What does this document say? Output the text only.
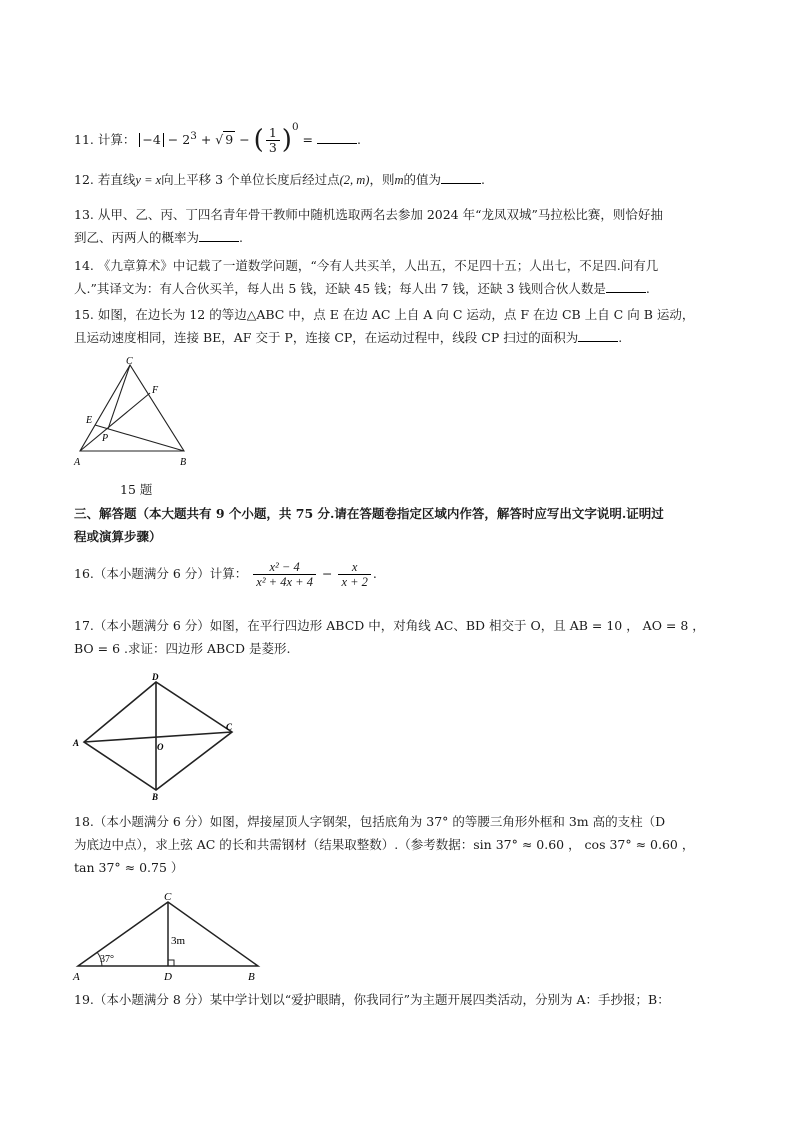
11. 计算： $-4 - 2^3$ + √ 9 − ( $\frac{1}{3} )^0$ =	.
12. 若直线y = x向上平移 3 个单位长度后经过点(2, m)，则m的值为	.
13. 从甲、乙、丙、丁四名青年骨干教师中随机选取两名去参加 2024 年“龙凤双城”马拉松比赛，则恰好抽
到乙、丙两人的概率为	.
14. 《九章算术》中记载了一道数学问题，“今有人共买羊，人出五，不足四十五；人出七，不足四.问有几
人.”其译文为：有人合伙买羊，每人出 5 钱，还缺 45 钱；每人出 7 钱，还缺 3 钱则合伙人数是	.
15. 如图，在边长为 12 的等边△ABC 中，点 E 在边 AC 上自 A 向 C 运动，点 F 在边 CB 上自 C 向 B 运动，
且运动速度相同，连接 BE，AF 交于 P，连接 CP，在运动过程中，线段 CP 扫过的面积为	.
C
F
E
P
A	B
15 题
三、解答题（本大题共有 9 个小题，共 75 分.请在答题卷指定区域内作答，解答时应写出文字说明.证明过
程或演算步骤）
16.（本小题满分 6 分）计算： $\frac{\text{x² − 4}}{\text{x² + 4x + 4}} - \frac{x}{x + 2}$ .
17.（本小题满分 6 分）如图，在平行四边形 ABCD 中，对角线 AC、BD 相交于 O，且 AB = 10 ， AO = 8 ，
BO = 6 .求证：四边形 ABCD 是菱形.
D
A	O
C
B
18.（本小题满分 6 分）如图，焊接屋顶人字钢架，包括底角为 37° 的等腰三角形外框和 3m 高的支柱（D
为底边中点），求上弦 AC 的长和共需钢材（结果取整数）.（参考数据：sin 37° ≈ 0.60 ， cos 37° ≈ 0.60 ，
tan 37° ≈ 0.75 ）
C
3m
37°
A	D	B
19.（本小题满分 8 分）某中学计划以“爱护眼睛，你我同行”为主题开展四类活动，分别为 A：手抄报；B：
